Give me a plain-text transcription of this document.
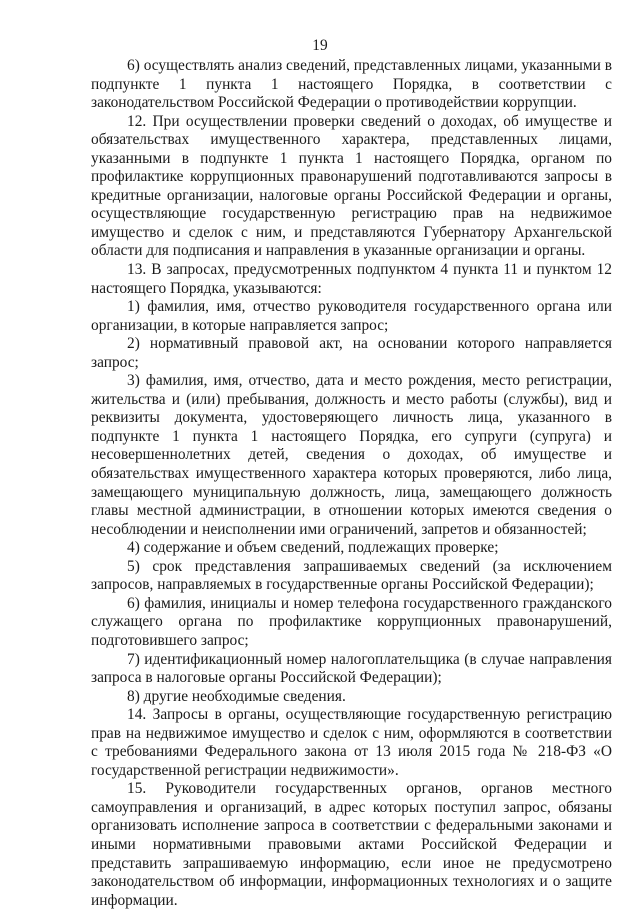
19

6) осуществлять анализ сведений, представленных лицами, указанными в подпункте 1 пункта 1 настоящего Порядка, в соответствии с законодательством Российской Федерации о противодействии коррупции.

12. При осуществлении проверки сведений о доходах, об имуществе и обязательствах имущественного характера, представленных лицами, указанными в подпункте 1 пункта 1 настоящего Порядка, органом по профилактике коррупционных правонарушений подготавливаются запросы в кредитные организации, налоговые органы Российской Федерации и органы, осуществляющие государственную регистрацию прав на недвижимое имущество и сделок с ним, и представляются Губернатору Архангельской области для подписания и направления в указанные организации и органы.

13. В запросах, предусмотренных подпунктом 4 пункта 11 и пунктом 12 настоящего Порядка, указываются:

1) фамилия, имя, отчество руководителя государственного органа или организации, в которые направляется запрос;

2) нормативный правовой акт, на основании которого направляется запрос;

3) фамилия, имя, отчество, дата и место рождения, место регистрации, жительства и (или) пребывания, должность и место работы (службы), вид и реквизиты документа, удостоверяющего личность лица, указанного в подпункте 1 пункта 1 настоящего Порядка, его супруги (супруга) и несовершеннолетних детей, сведения о доходах, об имуществе и обязательствах имущественного характера которых проверяются, либо лица, замещающего муниципальную должность, лица, замещающего должность главы местной администрации, в отношении которых имеются сведения о несоблюдении и неисполнении ими ограничений, запретов и обязанностей;

4) содержание и объем сведений, подлежащих проверке;

5) срок представления запрашиваемых сведений (за исключением запросов, направляемых в государственные органы Российской Федерации);

6) фамилия, инициалы и номер телефона государственного гражданского служащего органа по профилактике коррупционных правонарушений, подготовившего запрос;

7) идентификационный номер налогоплательщика (в случае направления запроса в налоговые органы Российской Федерации);

8) другие необходимые сведения.

14. Запросы в органы, осуществляющие государственную регистрацию прав на недвижимое имущество и сделок с ним, оформляются в соответствии с требованиями Федерального закона от 13 июля 2015 года № 218-ФЗ «О государственной регистрации недвижимости».

15. Руководители государственных органов, органов местного самоуправления и организаций, в адрес которых поступил запрос, обязаны организовать исполнение запроса в соответствии с федеральными законами и иными нормативными правовыми актами Российской Федерации и представить запрашиваемую информацию, если иное не предусмотрено законодательством об информации, информационных технологиях и о защите информации.
